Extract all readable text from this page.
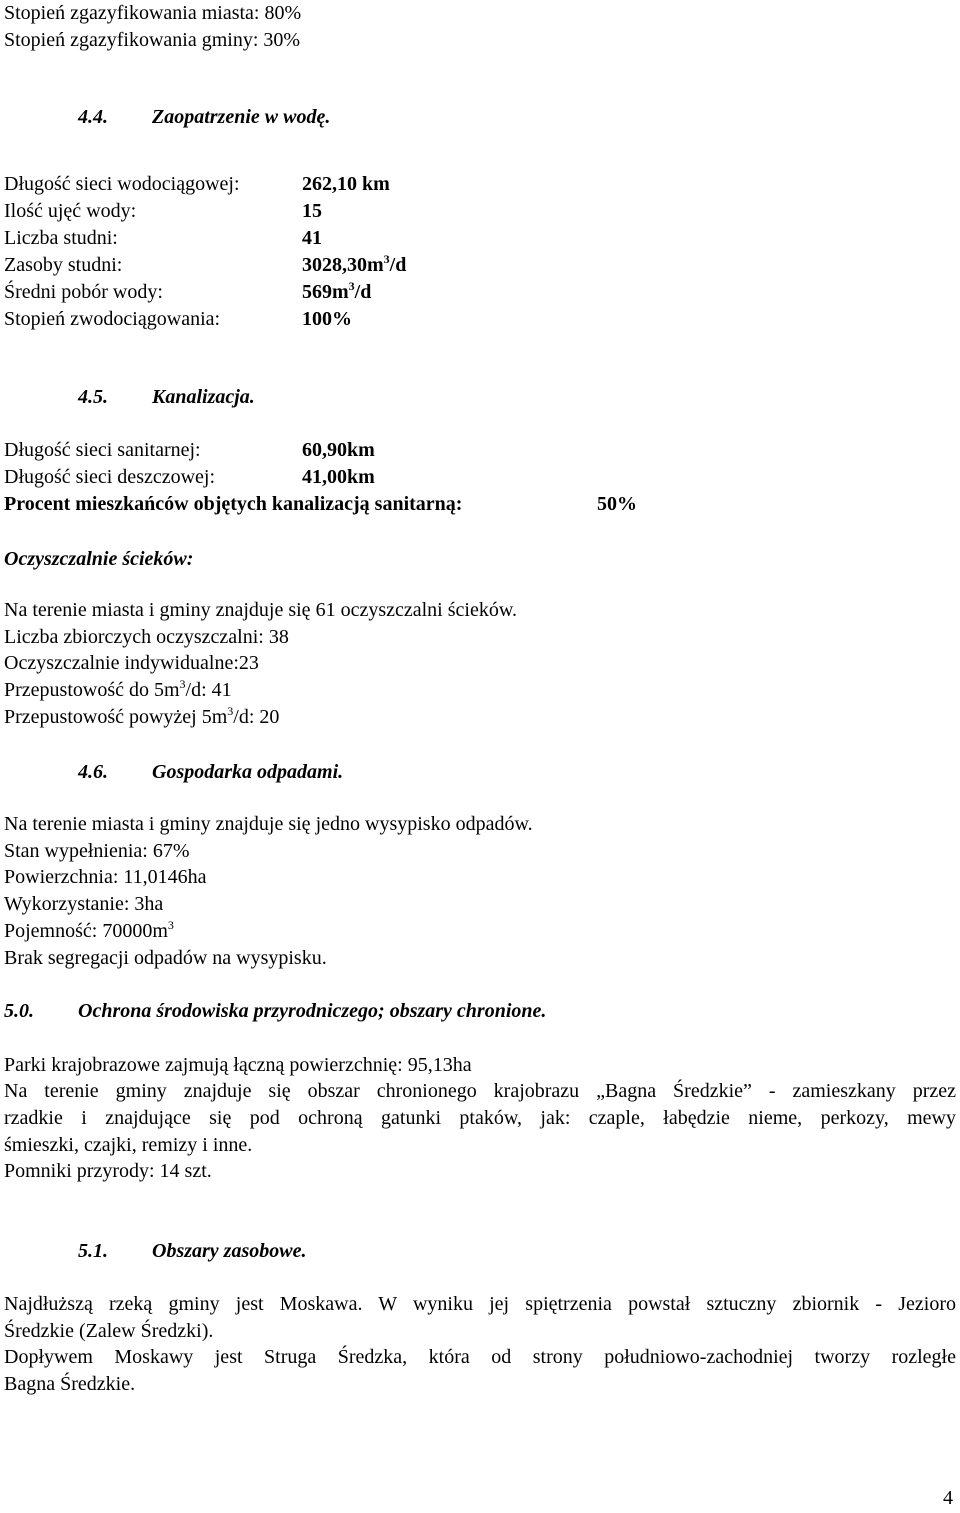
Stopień zgazyfikowania miasta: 80%
Stopień zgazyfikowania gminy: 30%
4.4. Zaopatrzenie w wodę.
Długość sieci wodociągowej:	262,10 km
Ilość ujęć wody:	15
Liczba studni:	41
Zasoby studni:	$3028,30m^3/d$
Średni pobór wody:	$569m^3/d$
Stopień zwodociągowania:	100%
4.5. Kanalizacja.
Długość sieci sanitarnej:	60,90km
Długość sieci deszczowej:	41,00km
Procent mieszkańców objętych kanalizacją sanitarną:	50%
Oczyszczalnie ścieków:
Na terenie miasta i gminy znajduje się 61 oczyszczalni ścieków.
Liczba zbiorczych oczyszczalni: 38
Oczyszczalnie indywidualne:23
Przepustowość do $5m^3/d$: 41
Przepustowość powyżej $5m^3/d$: 20
4.6. Gospodarka odpadami.
Na terenie miasta i gminy znajduje się jedno wysypisko odpadów.
Stan wypełnienia: 67%
Powierzchnia: 11,0146ha
Wykorzystanie: 3ha
Pojemność: $70000m^3$
Brak segregacji odpadów na wysypisku.
5.0. Ochrona środowiska przyrodniczego; obszary chronione.
Parki krajobrazowe zajmują łączną powierzchnię: 95,13ha
Na terenie gminy znajduje się obszar chronionego krajobrazu „Bagna Średzkie” - zamieszkany przez
rzadkie i znajdujące się pod ochroną gatunki ptaków, jak: czaple, łabędzie nieme, perkozy, mewy
śmieszki, czajki, remizy i inne.
Pomniki przyrody: 14 szt.
5.1. Obszary zasobowe.
Najdłuższą rzeką gminy jest Moskawa. W wyniku jej spiętrzenia powstał sztuczny zbiornik - Jezioro
Średzkie (Zalew Średzki).
Dopływem Moskawy jest Struga Średzka, która od strony południowo-zachodniej tworzy rozległe
Bagna Średzkie.
4
